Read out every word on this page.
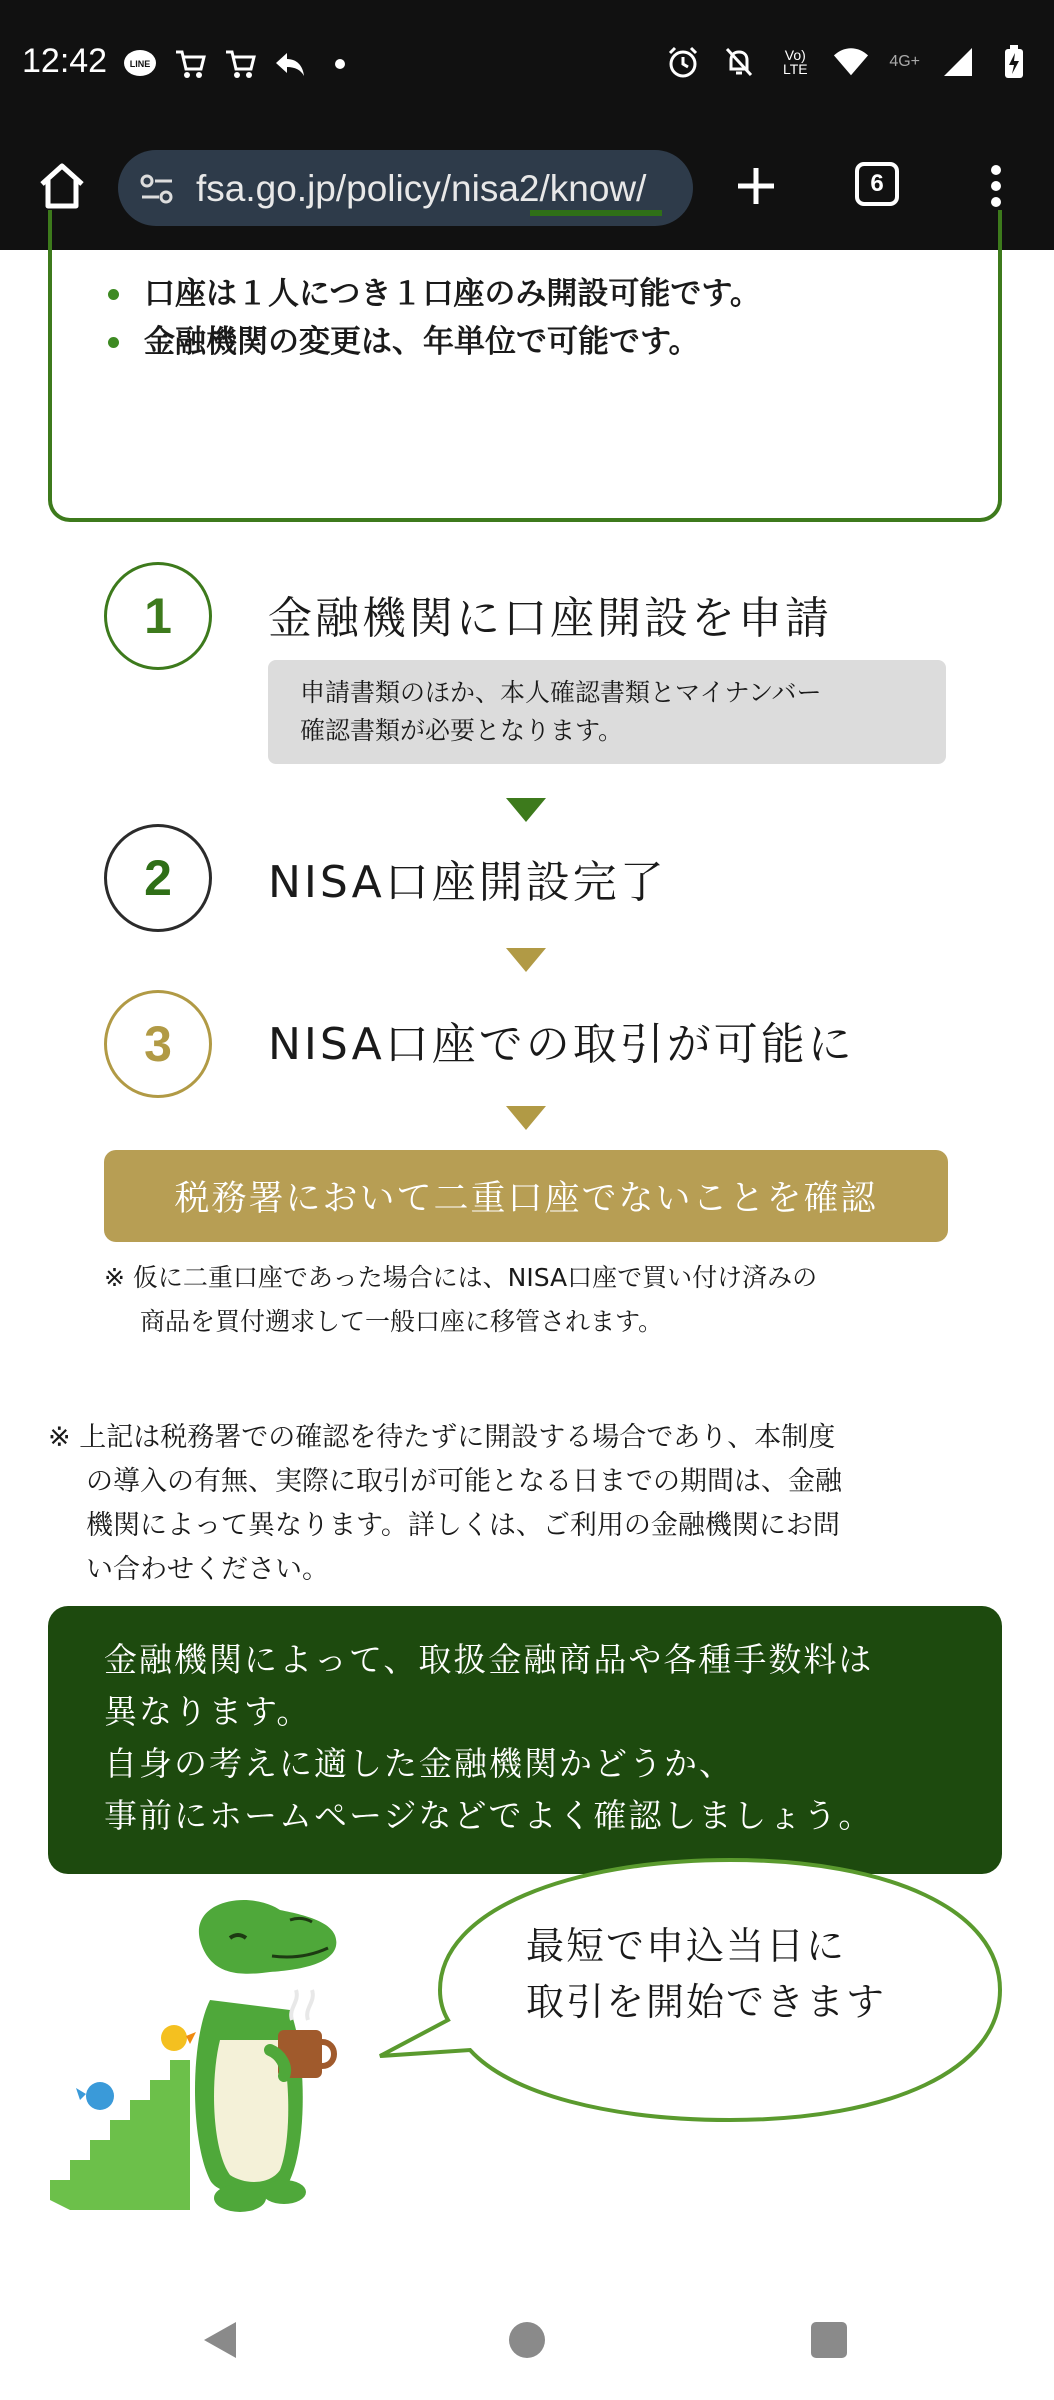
12:42	LINE
Vo)
LTE	4G+
fsa.go.jp/policy/nisa2/know/	6
口座は１人につき１口座のみ開設可能です。
金融機関の変更は、年単位で可能です。
1	金融機関に口座開設を申請
申請書類のほか、本人確認書類とマイナンバー
確認書類が必要となります。
2	NISA口座開設完了
3	NISA口座での取引が可能に
税務署において二重口座でないことを確認
※ 仮に二重口座であった場合には、NISA口座で買い付け済みの
商品を買付遡求して一般口座に移管されます。
※ 上記は税務署での確認を待たずに開設する場合であり、本制度
の導入の有無、実際に取引が可能となる日までの期間は、金融
機関によって異なります。詳しくは、ご利用の金融機関にお問
い合わせください。
金融機関によって、取扱金融商品や各種手数料は
異なります。
自身の考えに適した金融機関かどうか、
事前にホームページなどでよく確認しましょう。
最短で申込当日に
取引を開始できます
